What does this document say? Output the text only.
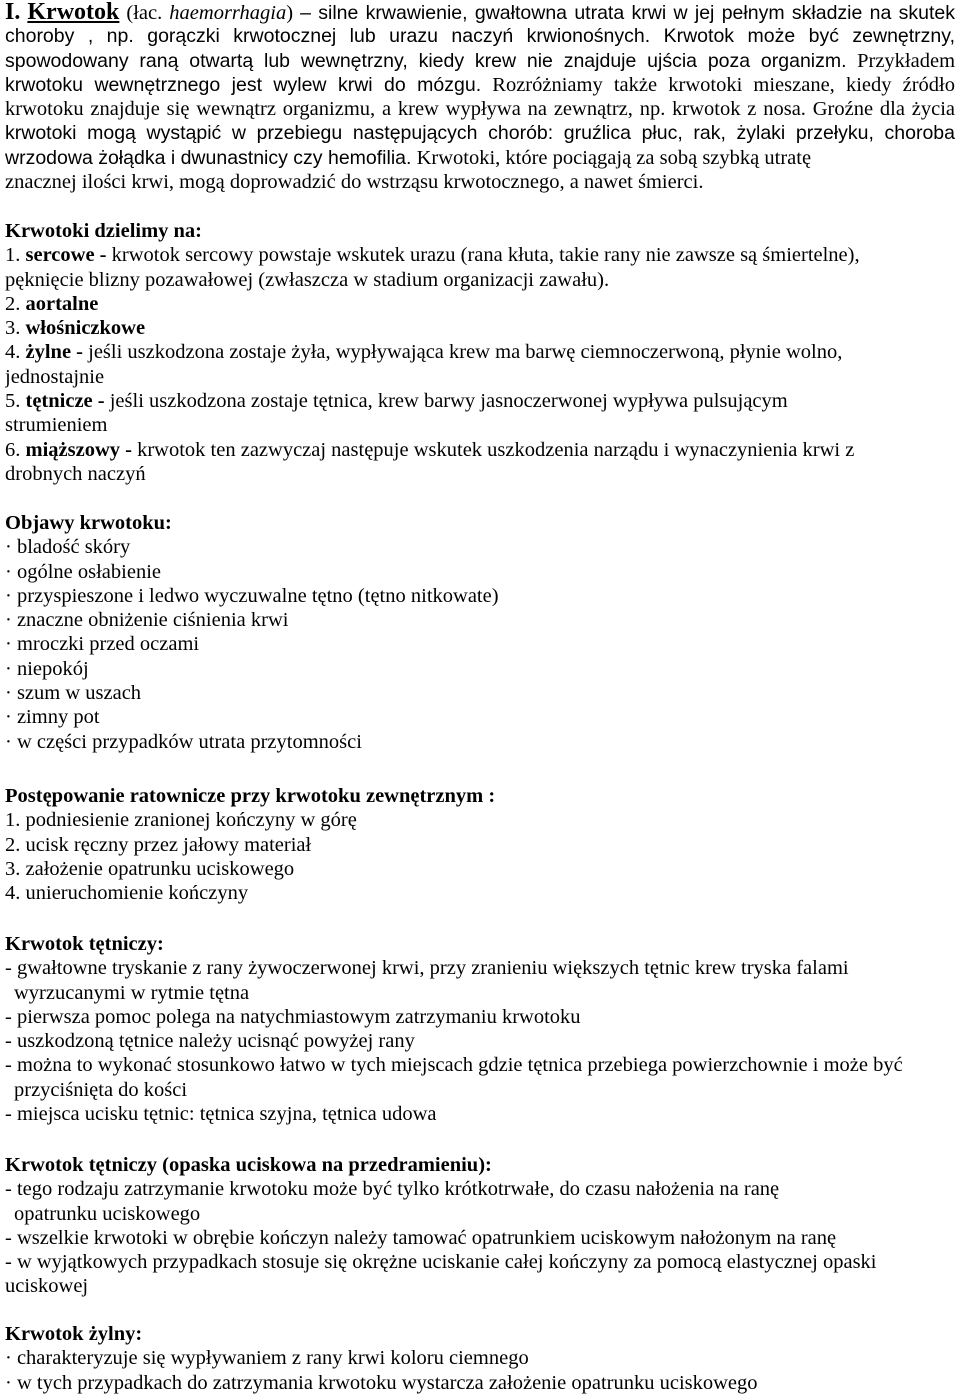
I. Krwotok (łac. haemorrhagia) – silne krwawienie, gwałtowna utrata krwi w jej pełnym składzie na skutek
choroby , np. gorączki krwotocznej lub urazu naczyń krwionośnych. Krwotok może być zewnętrzny,
spowodowany raną otwartą lub wewnętrzny, kiedy krew nie znajduje ujścia poza organizm. Przykładem
krwotoku wewnętrznego jest wylew krwi do mózgu. Rozróżniamy także krwotoki mieszane, kiedy źródło
krwotoku znajduje się wewnątrz organizmu, a krew wypływa na zewnątrz, np. krwotok z nosa. Groźne dla życia
krwotoki mogą wystąpić w przebiegu następujących chorób: gruźlica płuc, rak, żylaki przełyku, choroba
wrzodowa żołądka i dwunastnicy czy hemofilia. Krwotoki, które pociągają za sobą szybką utratę
znacznej ilości krwi, mogą doprowadzić do wstrząsu krwotocznego, a nawet śmierci.
Krwotoki dzielimy na:
1. sercowe - krwotok sercowy powstaje wskutek urazu (rana kłuta, takie rany nie zawsze są śmiertelne),
pęknięcie blizny pozawałowej (zwłaszcza w stadium organizacji zawału).
2. aortalne
3. włośniczkowe
4. żylne - jeśli uszkodzona zostaje żyła, wypływająca krew ma barwę ciemnoczerwoną, płynie wolno,
jednostajnie
5. tętnicze - jeśli uszkodzona zostaje tętnica, krew barwy jasnoczerwonej wypływa pulsującym
strumieniem
6. miąższowy - krwotok ten zazwyczaj następuje wskutek uszkodzenia narządu i wynaczynienia krwi z
drobnych naczyń
Objawy krwotoku:
· bladość skóry
· ogólne osłabienie
· przyspieszone i ledwo wyczuwalne tętno (tętno nitkowate)
· znaczne obniżenie ciśnienia krwi
· mroczki przed oczami
· niepokój
· szum w uszach
· zimny pot
· w części przypadków utrata przytomności
Postępowanie ratownicze przy krwotoku zewnętrznym :
1. podniesienie zranionej kończyny w górę
2. ucisk ręczny przez jałowy materiał
3. założenie opatrunku uciskowego
4. unieruchomienie kończyny
Krwotok tętniczy:
- gwałtowne tryskanie z rany żywoczerwonej krwi, przy zranieniu większych tętnic krew tryska falami
wyrzucanymi w rytmie tętna
- pierwsza pomoc polega na natychmiastowym zatrzymaniu krwotoku
- uszkodzoną tętnice należy ucisnąć powyżej rany
- można to wykonać stosunkowo łatwo w tych miejscach gdzie tętnica przebiega powierzchownie i może być
przyciśnięta do kości
- miejsca ucisku tętnic: tętnica szyjna, tętnica udowa
Krwotok tętniczy (opaska uciskowa na przedramieniu):
- tego rodzaju zatrzymanie krwotoku może być tylko krótkotrwałe, do czasu nałożenia na ranę
opatrunku uciskowego
- wszelkie krwotoki w obrębie kończyn należy tamować opatrunkiem uciskowym nałożonym na ranę
- w wyjątkowych przypadkach stosuje się okrężne uciskanie całej kończyny za pomocą elastycznej opaski
uciskowej
Krwotok żylny:
· charakteryzuje się wypływaniem z rany krwi koloru ciemnego
· w tych przypadkach do zatrzymania krwotoku wystarcza założenie opatrunku uciskowego
